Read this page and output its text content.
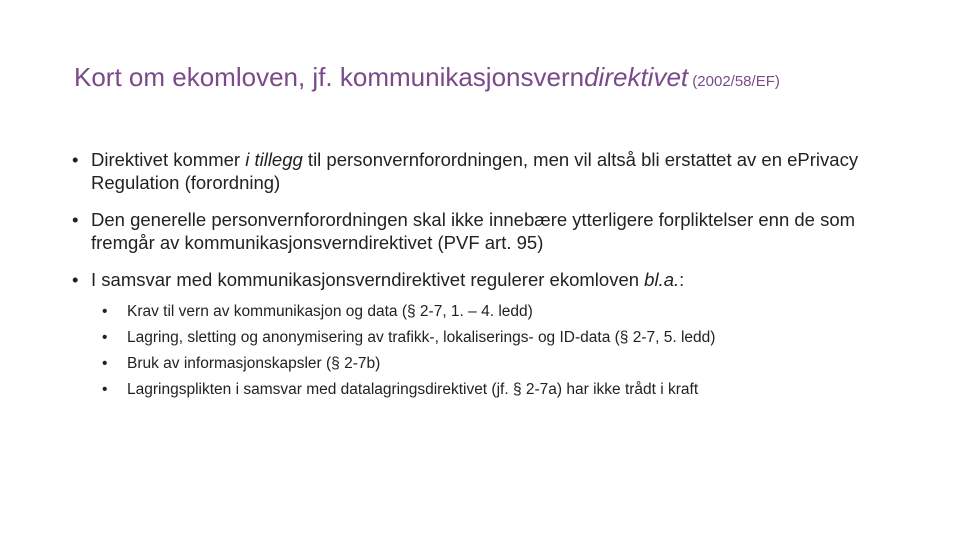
Kort om ekomloven, jf. kommunikasjonsverndirektivet (2002/58/EF)
• Direktivet kommer i tillegg til personvernforordningen, men vil altså bli erstattet av en ePrivacy Regulation (forordning)
• Den generelle personvernforordningen skal ikke innebære ytterligere forpliktelser enn de som fremgår av kommunikasjonsverndirektivet (PVF art. 95)
• I samsvar med kommunikasjonsverndirektivet regulerer ekomloven bl.a.:
• Krav til vern av kommunikasjon og data (§ 2-7, 1. – 4. ledd)
• Lagring, sletting og anonymisering av trafikk-, lokaliserings- og ID-data (§ 2-7, 5. ledd)
• Bruk av informasjonskapsler (§ 2-7b)
• Lagringsplikten i samsvar med datalagringsdirektivet (jf. § 2-7a) har ikke trådt i kraft
